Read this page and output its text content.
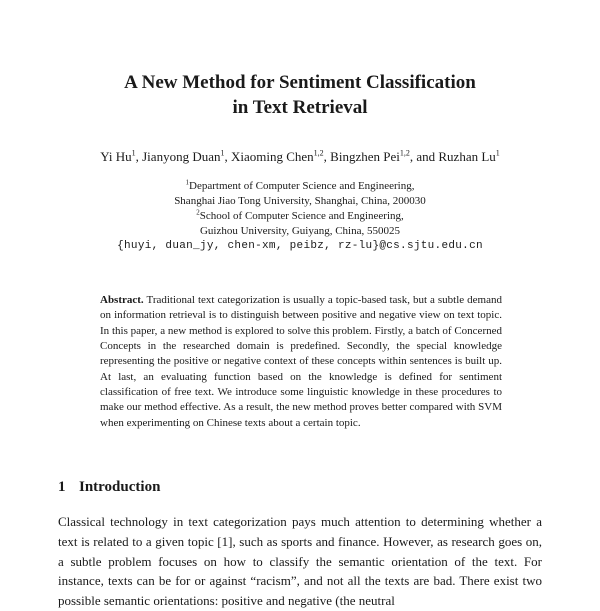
A New Method for Sentiment Classification
in Text Retrieval
Yi Hu$^1$, Jianyong Duan$^1$, Xiaoming Chen$^{1,2}$, Bingzhen Pei$^{1,2}$, and Ruzhan Lu$^1$
$^1$Department of Computer Science and Engineering,
Shanghai Jiao Tong University, Shanghai, China, 200030
$^2$School of Computer Science and Engineering,
Guizhou University, Guiyang, China, 550025
{huyi, duan_jy, chen-xm, peibz, rz-lu}@cs.sjtu.edu.cn
Abstract. Traditional text categorization is usually a topic-based task, but a subtle demand on information retrieval is to distinguish between positive and negative view on text topic. In this paper, a new method is explored to solve this problem. Firstly, a batch of Concerned Concepts in the researched domain is predefined. Secondly, the special knowledge representing the positive or negative context of these concepts within sentences is built up. At last, an evaluating function based on the knowledge is defined for sentiment classification of free text. We introduce some linguistic knowledge in these procedures to make our method effective. As a result, the new method proves better compared with SVM when experimenting on Chinese texts about a certain topic.
1 Introduction
Classical technology in text categorization pays much attention to determining whether a text is related to a given topic [1], such as sports and finance. However, as research goes on, a subtle problem focuses on how to classify the semantic orientation of the text. For instance, texts can be for or against “racism”, and not all the texts are bad. There exist two possible semantic orientations: positive and negative (the neutral
